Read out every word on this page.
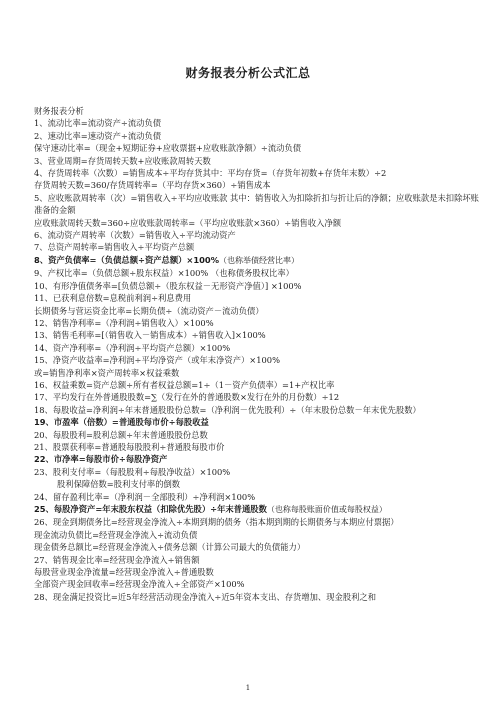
财务报表分析公式汇总
财务报表分析
1、流动比率=流动资产÷流动负债
2、速动比率=速动资产÷流动负债
保守速动比率=（现金+短期证券+应收票据+应收账款净额）÷流动负债
3、营业周期=存货周转天数+应收账款周转天数
4、存货周转率（次数）=销售成本÷平均存货其中：平均存货=（存货年初数+存货年末数）÷2
存货周转天数=360/存货周转率=（平均存货×360）÷销售成本
5、应收账款周转率（次）=销售收入÷平均应收账款 其中：销售收入为扣除折扣与折让后的净额；应收账款是未扣除坏账准备的金额
应收账款周转天数=360÷应收账款周转率=（平均应收账款×360）÷销售收入净额
6、流动资产周转率（次数）=销售收入÷平均流动资产
7、总资产周转率=销售收入÷平均资产总额
8、资产负债率=（负债总额÷资产总额）×100%（也称举债经营比率）
9、产权比率=（负债总额÷股东权益）×100% （也称债务股权比率）
10、有形净值债务率=[负债总额÷（股东权益－无形资产净值）] ×100%
11、已获利息倍数=息税前利润÷利息费用
长期债务与营运资金比率=长期负债÷（流动资产－流动负债）
12、销售净利率=（净利润÷销售收入）×100%
13、销售毛利率=[（销售收入－销售成本）÷销售收入]×100%
14、资产净利率=（净利润÷平均资产总额）×100%
15、净资产收益率=净利润÷平均净资产（或年末净资产）×100%
或=销售净利率×资产周转率×权益乘数
16、权益乘数=资产总额÷所有者权益总额=1÷（1－资产负债率）=1+产权比率
17、平均发行在外普通股股数=∑（发行在外的普通股数×发行在外的月份数）÷12
18、每股收益=净利润÷年末普通股股份总数=（净利润－优先股利）÷（年末股份总数－年末优先股数）
19、市盈率（倍数）=普通股每市价÷每股收益
20、每股股利=股利总额÷年末普通股股份总数
21、股票获利率=普通股每股股利÷普通股每股市价
22、市净率=每股市价÷每股净资产
23、股利支付率=（每股股利÷每股净收益）×100%
股利保障倍数=股利支付率的倒数
24、留存盈利比率=（净利润－全部股利）÷净利润×100%
25、每股净资产=年末股东权益（扣除优先股）÷年末普通股数（也称每股账面价值或每股权益）
26、现金到期债务比=经营现金净流入÷本期到期的债务（指本期到期的长期债务与本期应付票据）
现金流动负债比=经营现金净流入÷流动负债
现金债务总额比=经营现金净流入÷债务总额（计算公司最大的负债能力）
27、销售现金比率=经营现金净流入÷销售额
每股营业现金净流量=经营现金净流入÷普通股数
全部资产现金回收率=经营现金净流入÷全部资产×100%
28、现金满足投资比=近5年经营活动现金净流入÷近5年资本支出、存货增加、现金股利之和
1
